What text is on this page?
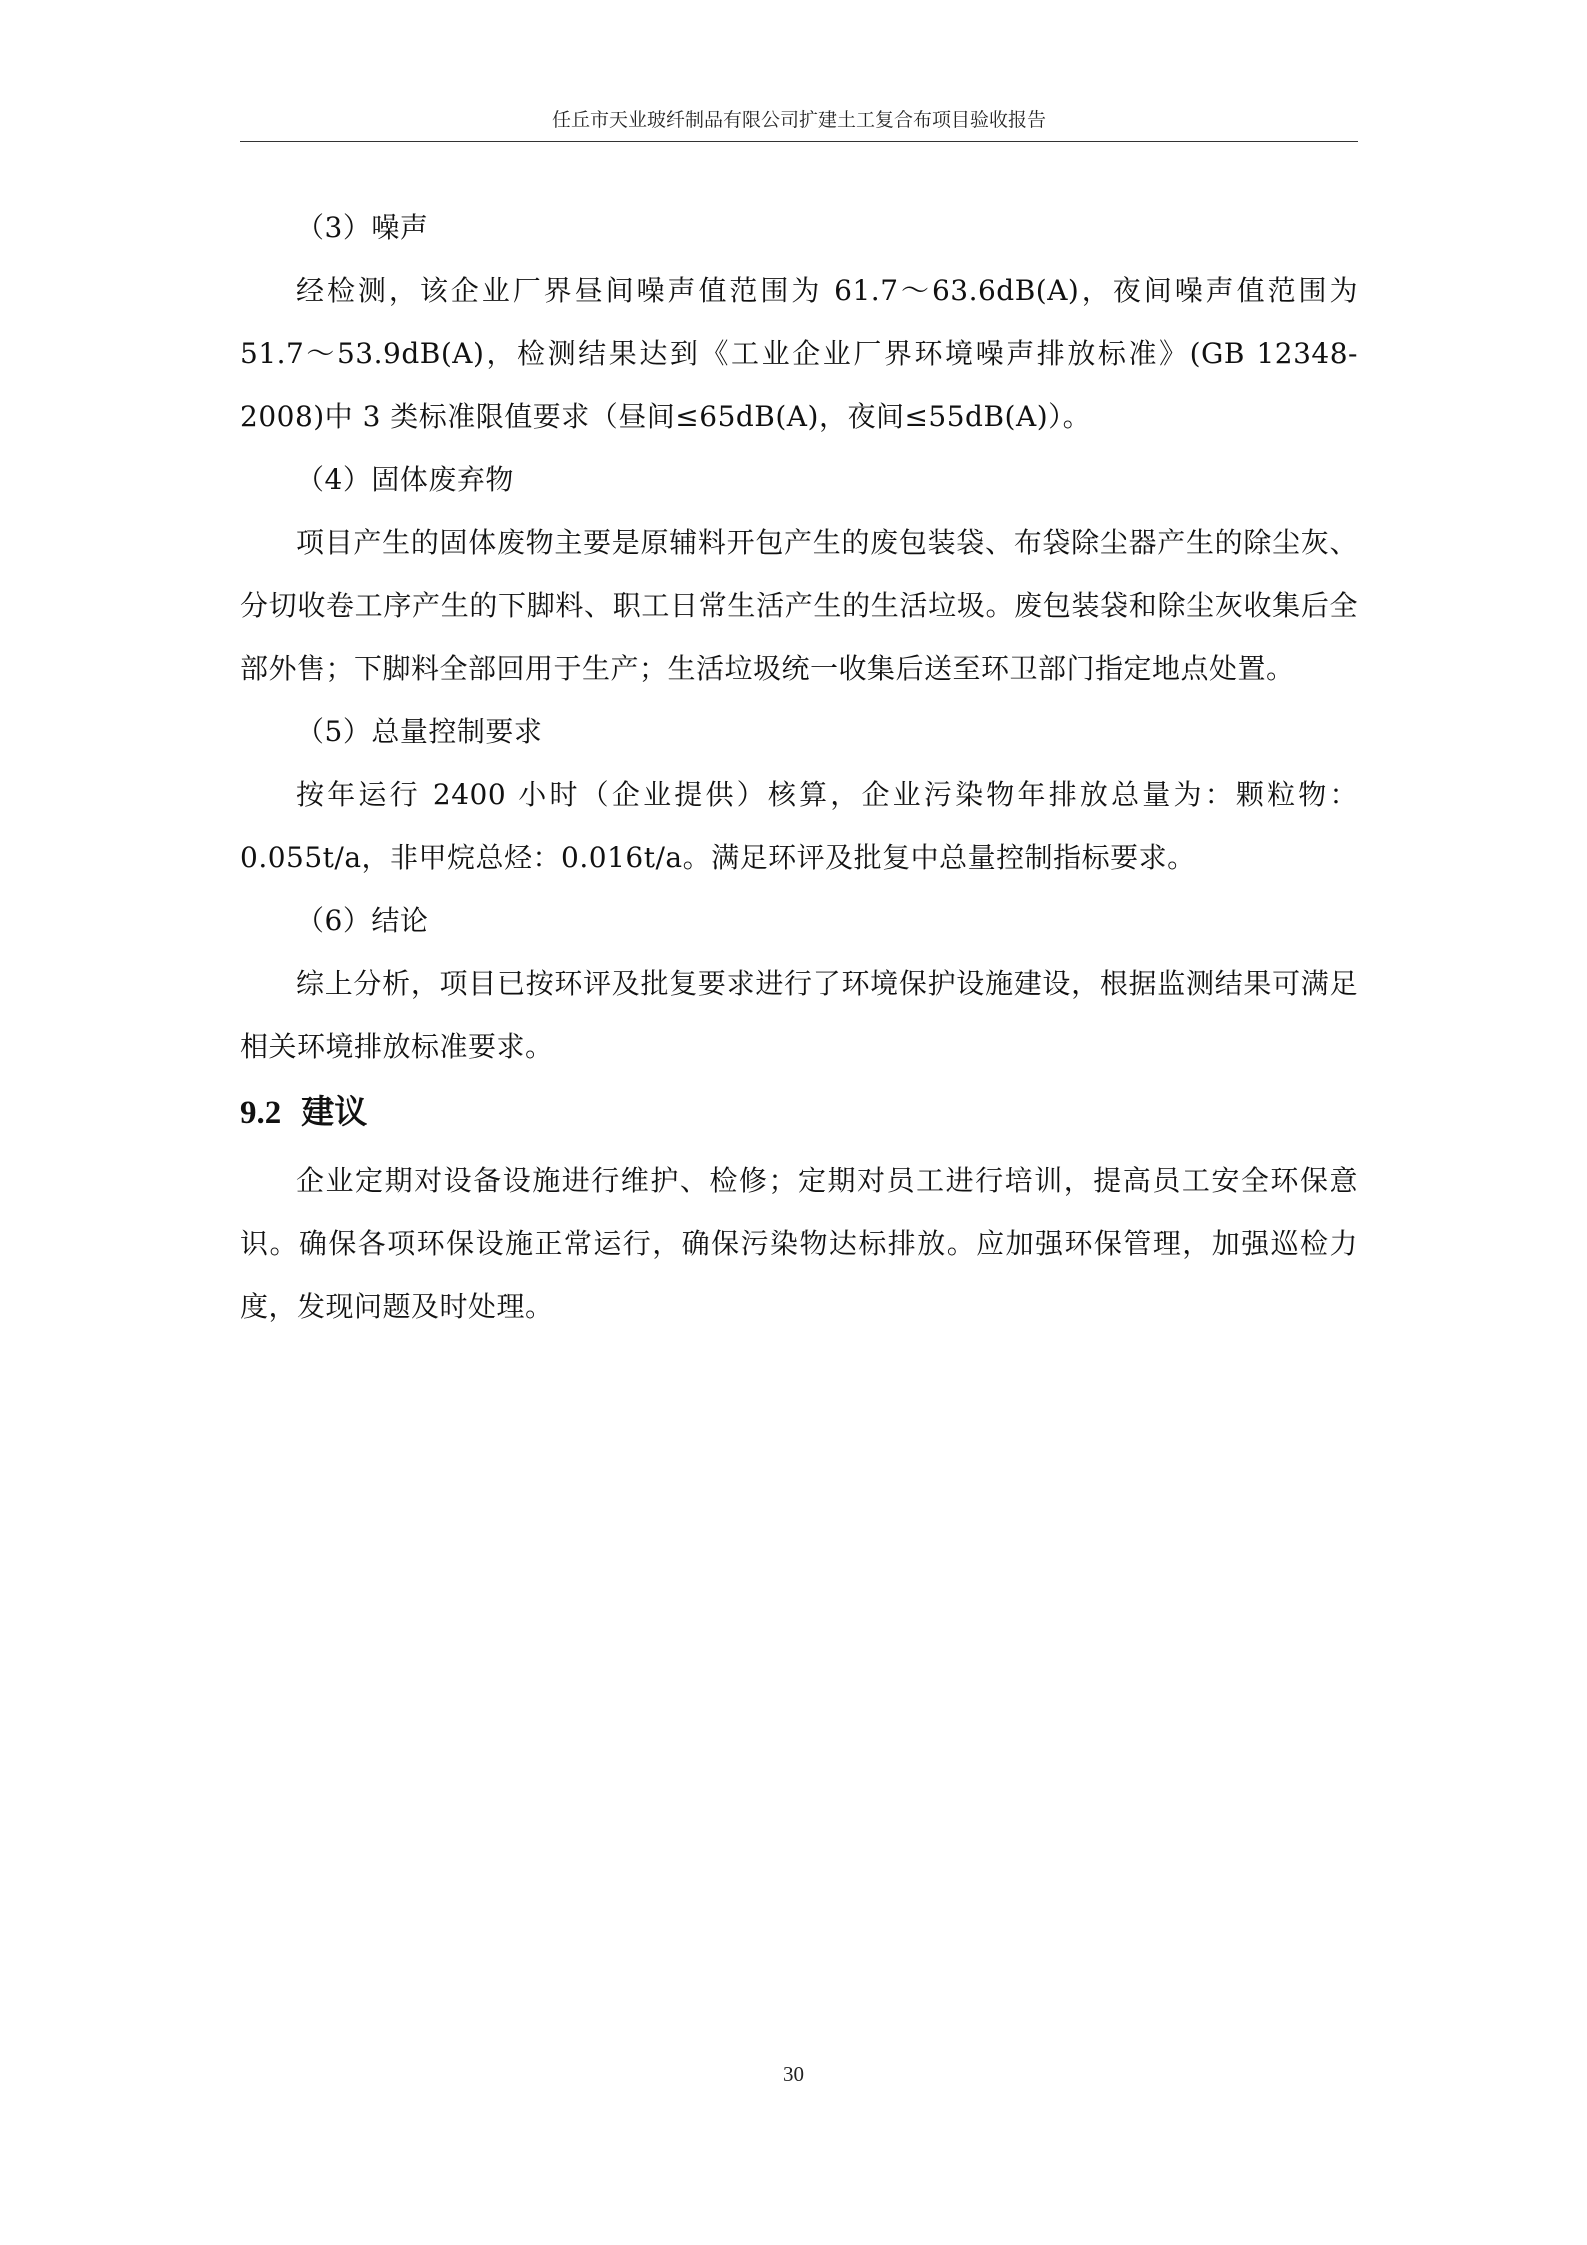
任丘市天业玻纤制品有限公司扩建土工复合布项目验收报告

（3）噪声

经检测，该企业厂界昼间噪声值范围为 61.7～63.6dB(A)，夜间噪声值范围为 51.7～53.9dB(A)，检测结果达到《工业企业厂界环境噪声排放标准》(GB 12348-2008)中 3 类标准限值要求（昼间≤65dB(A)，夜间≤55dB(A)）。

（4）固体废弃物

项目产生的固体废物主要是原辅料开包产生的废包装袋、布袋除尘器产生的除尘灰、分切收卷工序产生的下脚料、职工日常生活产生的生活垃圾。废包装袋和除尘灰收集后全部外售；下脚料全部回用于生产；生活垃圾统一收集后送至环卫部门指定地点处置。

（5）总量控制要求

按年运行 2400 小时（企业提供）核算，企业污染物年排放总量为：颗粒物：0.055t/a，非甲烷总烃：0.016t/a。满足环评及批复中总量控制指标要求。

（6）结论

综上分析，项目已按环评及批复要求进行了环境保护设施建设，根据监测结果可满足相关环境排放标准要求。

9.2 建议

企业定期对设备设施进行维护、检修；定期对员工进行培训，提高员工安全环保意识。确保各项环保设施正常运行，确保污染物达标排放。应加强环保管理，加强巡检力度，发现问题及时处理。

30
